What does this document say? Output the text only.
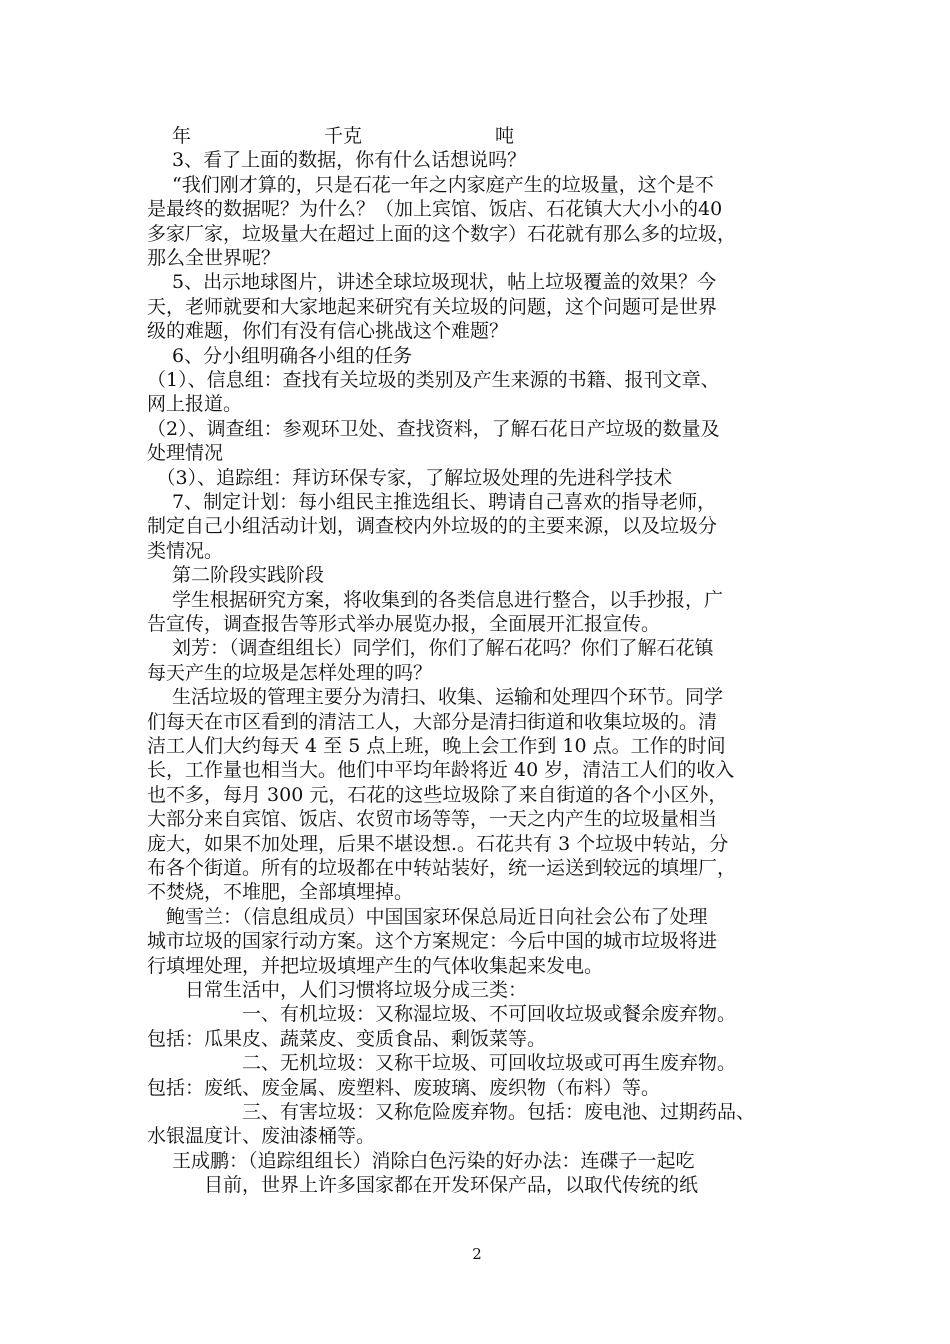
　 年　　　　　　　千克　　　　　　　吨
　 3、看了上面的数据，你有什么话想说吗？
　 “我们刚才算的，只是石花一年之内家庭产生的垃圾量，这个是不
是最终的数据呢？为什么？（加上宾馆、饭店、石花镇大大小小的40
多家厂家，垃圾量大在超过上面的这个数字）石花就有那么多的垃圾，
那么全世界呢？
　 5、出示地球图片，讲述全球垃圾现状，帖上垃圾覆盖的效果？今
天，老师就要和大家地起来研究有关垃圾的问题，这个问题可是世界
级的难题，你们有没有信心挑战这个难题？
　 6、分小组明确各小组的任务
（1）、信息组：查找有关垃圾的类别及产生来源的书籍、报刊文章、
网上报道。
（2）、调查组：参观环卫处、查找资料，了解石花日产垃圾的数量及
处理情况
　（3）、追踪组：拜访环保专家，了解垃圾处理的先进科学技术
　 7、制定计划：每小组民主推选组长、聘请自己喜欢的指导老师，
制定自己小组活动计划，调查校内外垃圾的的主要来源，以及垃圾分
类情况。
　 第二阶段实践阶段
　 学生根据研究方案，将收集到的各类信息进行整合，以手抄报，广
告宣传，调查报告等形式举办展览办报，全面展开汇报宣传。
　 刘芳：（调查组组长）同学们，你们了解石花吗？你们了解石花镇
每天产生的垃圾是怎样处理的吗？
　 生活垃圾的管理主要分为清扫、收集、运输和处理四个环节。同学
们每天在市区看到的清洁工人，大部分是清扫街道和收集垃圾的。清
洁工人们大约每天 4 至 5 点上班，晚上会工作到 10 点。工作的时间
长，工作量也相当大。他们中平均年龄将近 40 岁，清洁工人们的收入
也不多，每月 300 元，石花的这些垃圾除了来自街道的各个小区外，
大部分来自宾馆、饭店、农贸市场等等，一天之内产生的垃圾量相当
庞大，如果不加处理，后果不堪设想.。石花共有 3 个垃圾中转站，分
布各个街道。所有的垃圾都在中转站装好，统一运送到较远的填埋厂，
不焚烧，不堆肥，全部填埋掉。
　鲍雪兰：（信息组成员）中国国家环保总局近日向社会公布了处理
城市垃圾的国家行动方案。这个方案规定：今后中国的城市垃圾将进
行填埋处理，并把垃圾填埋产生的气体收集起来发电。
　　日常生活中，人们习惯将垃圾分成三类：
　　　　　一、有机垃圾：又称湿垃圾、不可回收垃圾或餐余废弃物。
包括：瓜果皮、蔬菜皮、变质食品、剩饭菜等。
　　　　　二、无机垃圾：又称干垃圾、可回收垃圾或可再生废弃物。
包括：废纸、废金属、废塑料、废玻璃、废织物（布料）等。
　　　　　三、有害垃圾：又称危险废弃物。包括：废电池、过期药品、
水银温度计、废油漆桶等。
　 王成鹏：（追踪组组长）消除白色污染的好办法：连碟子一起吃
　　　目前，世界上许多国家都在开发环保产品，以取代传统的纸
2
